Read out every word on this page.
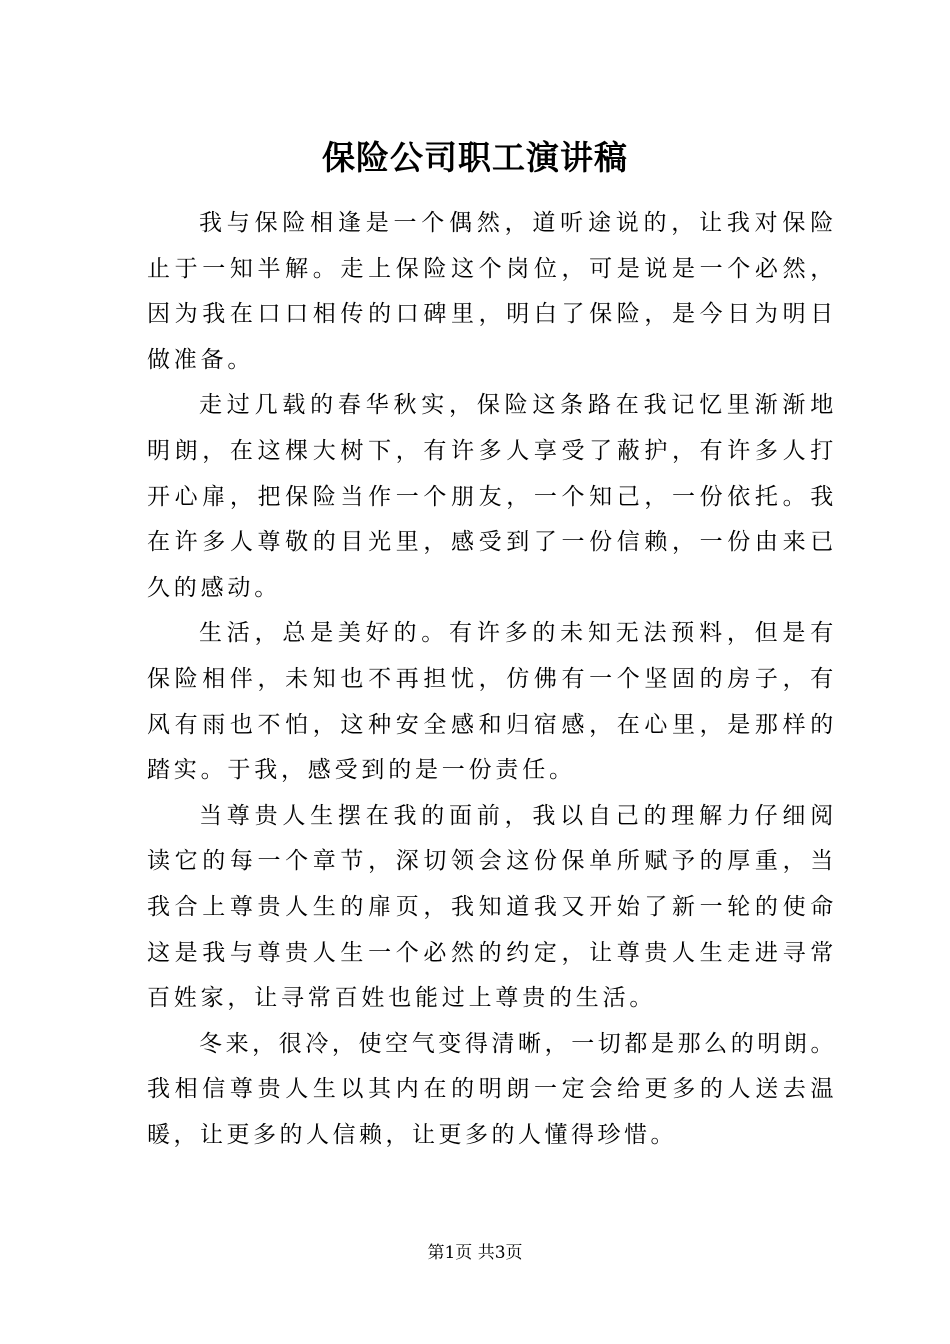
保险公司职工演讲稿

我与保险相逢是一个偶然，道听途说的，让我对保险止于一知半解。走上保险这个岗位，可是说是一个必然，因为我在口口相传的口碑里，明白了保险，是今日为明日做准备。

走过几载的春华秋实，保险这条路在我记忆里渐渐地明朗，在这棵大树下，有许多人享受了蔽护，有许多人打开心扉，把保险当作一个朋友，一个知己，一份依托。我在许多人尊敬的目光里，感受到了一份信赖，一份由来已久的感动。

生活，总是美好的。有许多的未知无法预料，但是有保险相伴，未知也不再担忧，仿佛有一个坚固的房子，有风有雨也不怕，这种安全感和归宿感，在心里，是那样的踏实。于我，感受到的是一份责任。

当尊贵人生摆在我的面前，我以自己的理解力仔细阅读它的每一个章节，深切领会这份保单所赋予的厚重，当我合上尊贵人生的扉页，我知道我又开始了新一轮的使命这是我与尊贵人生一个必然的约定，让尊贵人生走进寻常百姓家，让寻常百姓也能过上尊贵的生活。

冬来，很冷，使空气变得清晰，一切都是那么的明朗。我相信尊贵人生以其内在的明朗一定会给更多的人送去温暖，让更多的人信赖，让更多的人懂得珍惜。

第1页 共3页
